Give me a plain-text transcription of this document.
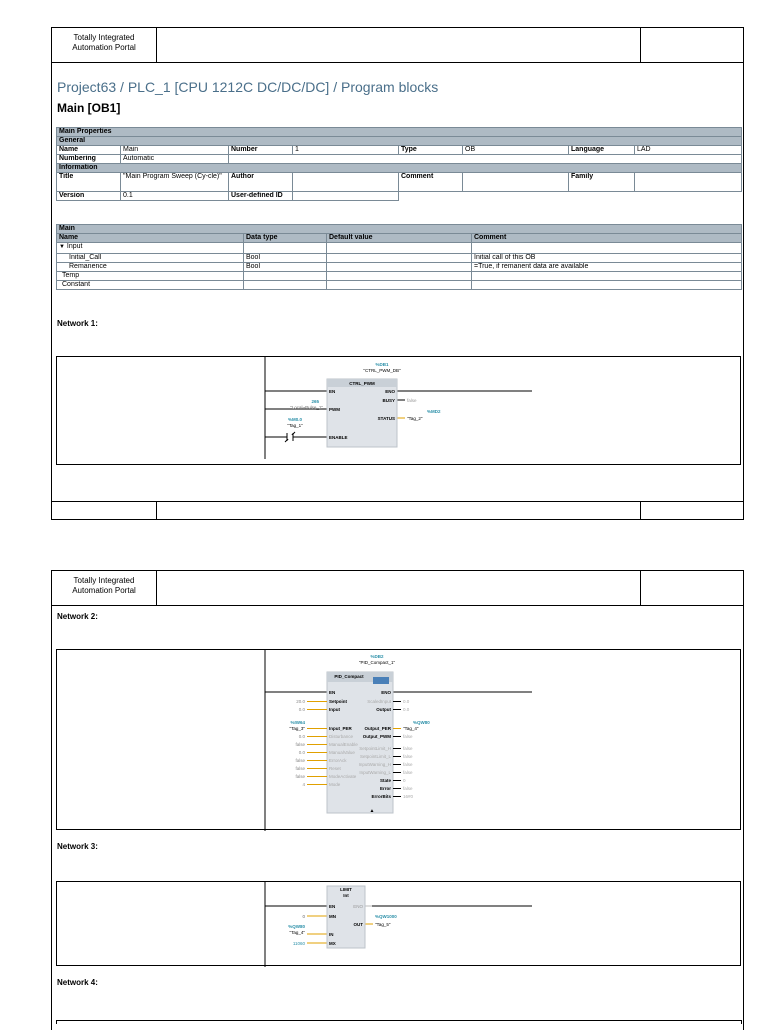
Totally Integrated
Automation Portal
Project63 / PLC_1 [CPU 1212C DC/DC/DC] / Program blocks
Main [OB1]
Main Properties							
General							
Name	Main	Number	1	Type	OB	Language	LAD
Numbering	Automatic						
Information							
Title	"Main Program Sweep (Cy-cle)"	Author		Comment		Family	
Version	0.1	User-defined ID					
Main			
Name	Data type	Default value	Comment
▼ Input			
Initial_Call	Bool		Initial call of this OB
Remanence	Bool		=True, if remanent data are available
Temp			
Constant			
Network 1:
%DB1
"CTRL_PWM_DB"
CTRL_PWM
EN
PWM
ENABLE
ENO
BUSY	false
STATUS
%MD2
"Tag_2"
265
"Local~Pulse_1"
%M0.0
"Tag_1"
Totally Integrated
Automation Portal
Network 2:
%DB2
"PID_Compact_1"
PID_Compact
EN
Setpoint
20.0
Input
0.0
Input_PER
"Tag_3"
%IW64
Disturbance
0.0
ManualEnable
false
ManualValue
0.0
ErrorAck
false
Reset
false
ModeActivate
false
Mode
4
ENO
ScaledInput	0.0
Output	0.0
Output_PER	"Tag_4"
%QW80
Output_PWM	false
SetpointLimit_H	false
SetpointLimit_L	false
InputWarning_H	false
InputWarning_L	false
State	0
Error	false
ErrorBits	16#0
▲
Network 3:
LIMIT
Int
EN	ENO
MN
OUT
IN
MX
0
%QW80
"Tag_4"
11060
%QW1000
"Tag_5"
Network 4:
